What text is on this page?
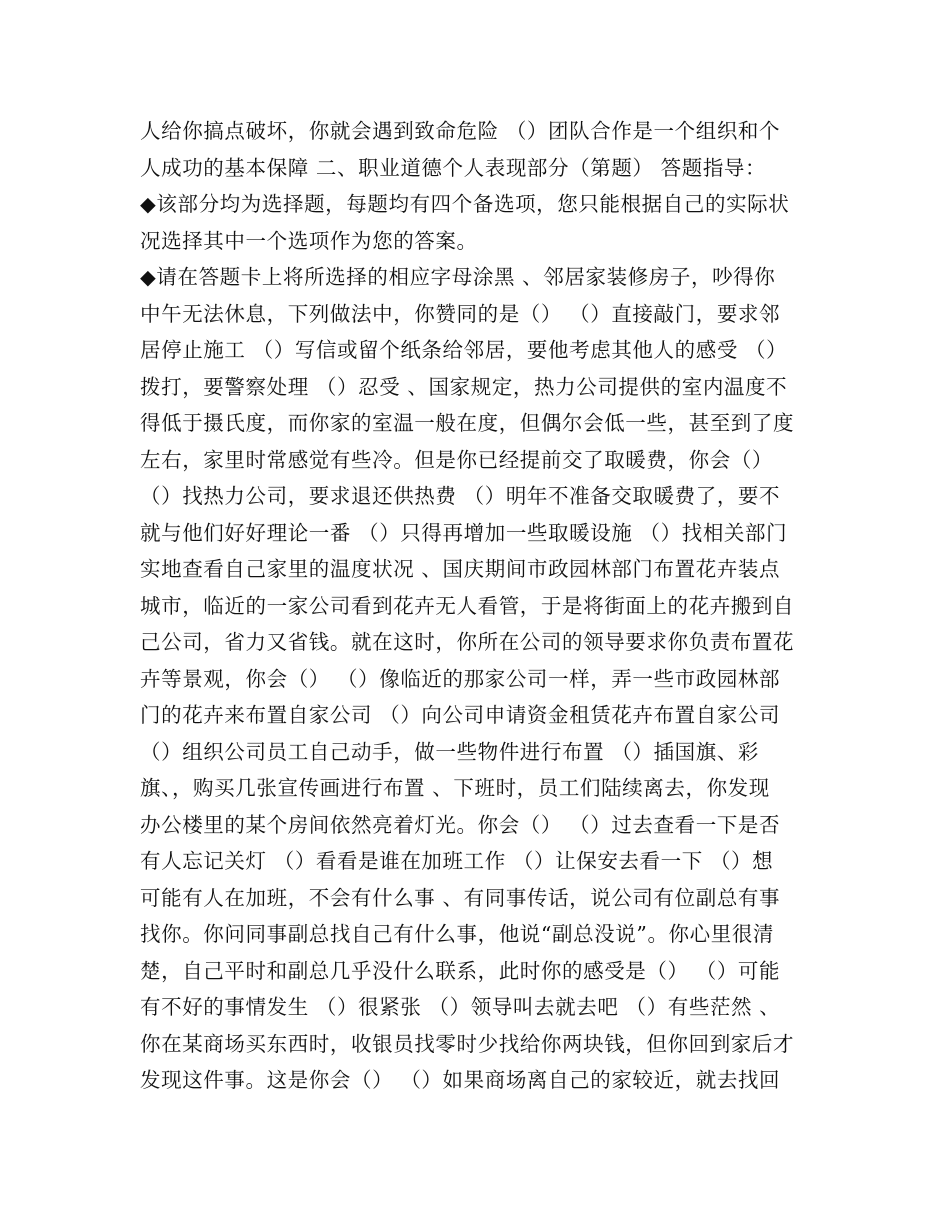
人给你搞点破坏，你就会遇到致命危险 （）团队合作是一个组织和个
人成功的基本保障 二、职业道德个人表现部分（第题） 答题指导：
◆该部分均为选择题，每题均有四个备选项，您只能根据自己的实际状
况选择其中一个选项作为您的答案。
◆请在答题卡上将所选择的相应字母涂黑 、邻居家装修房子，吵得你
中午无法休息，下列做法中，你赞同的是（） （）直接敲门，要求邻
居停止施工 （）写信或留个纸条给邻居，要他考虑其他人的感受 （）
拨打，要警察处理 （）忍受 、国家规定，热力公司提供的室内温度不
得低于摄氏度，而你家的室温一般在度，但偶尔会低一些，甚至到了度
左右，家里时常感觉有些冷。但是你已经提前交了取暖费，你会（）
（）找热力公司，要求退还供热费 （）明年不准备交取暖费了，要不
就与他们好好理论一番 （）只得再增加一些取暖设施 （）找相关部门
实地查看自己家里的温度状况 、国庆期间市政园林部门布置花卉装点
城市，临近的一家公司看到花卉无人看管，于是将街面上的花卉搬到自
己公司，省力又省钱。就在这时，你所在公司的领导要求你负责布置花
卉等景观，你会（） （）像临近的那家公司一样，弄一些市政园林部
门的花卉来布置自家公司 （）向公司申请资金租赁花卉布置自家公司
（）组织公司员工自己动手，做一些物件进行布置 （）插国旗、彩
旗、，购买几张宣传画进行布置 、下班时，员工们陆续离去，你发现
办公楼里的某个房间依然亮着灯光。你会（） （）过去查看一下是否
有人忘记关灯 （）看看是谁在加班工作 （）让保安去看一下 （）想
可能有人在加班，不会有什么事 、有同事传话，说公司有位副总有事
找你。你问同事副总找自己有什么事，他说“副总没说”。你心里很清
楚，自己平时和副总几乎没什么联系，此时你的感受是（） （）可能
有不好的事情发生 （）很紧张 （）领导叫去就去吧 （）有些茫然 、
你在某商场买东西时，收银员找零时少找给你两块钱，但你回到家后才
发现这件事。这是你会（） （）如果商场离自己的家较近，就去找回
